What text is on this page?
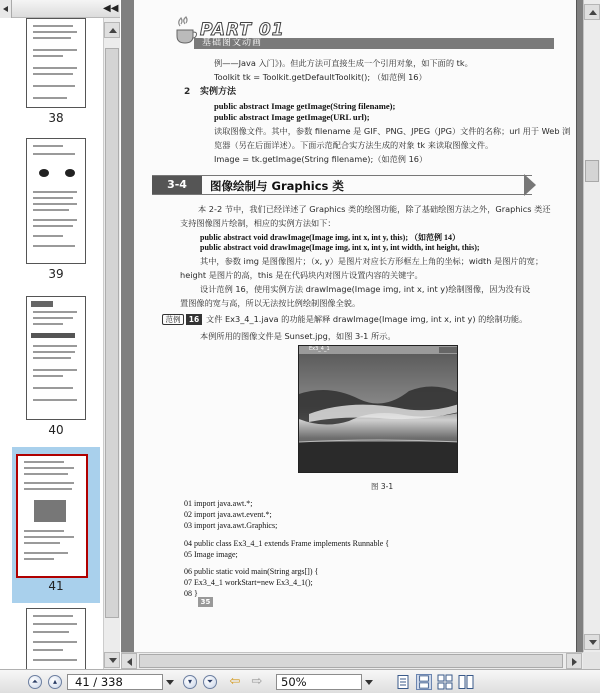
◀◀
38
39
40
41
PART 01
基础图文动画
例——Java 入门》)。但此方法可直接生成一个引用对象，如下面的 tk。
Toolkit tk = Toolkit.getDefaultToolkit(); （如范例 16）
2 实例方法
public abstract Image getImage(String filename);
public abstract Image getImage(URL url);
读取图像文件。其中，参数 filename 是 GIF、PNG、JPEG（JPG）文件的名称；url 用于 Web 浏
览器（另在后面详述）。下面示范配合实方法生成的对象 tk 来读取图像文件。
Image = tk.getImage(String filename);（如范例 16）
3-4	图像绘制与 Graphics 类
本 2-2 节中，我们已经详述了 Graphics 类的绘图功能，除了基础绘图方法之外，Graphics 类还
支持图像图片绘制，相应的实例方法如下：
public abstract void drawImage(Image img, int x, int y, this); （如范例 14）
public abstract void drawImage(Image img, int x, int y, int width, int height, this);
其中，参数 img 是图像图片；（x, y）是图片对应长方形框左上角的坐标；width 是图片的宽；
height 是图片的高，this 是在代码块内对图片设置内容的关键字。
设计范例 16，使用实例方法 drawImage(Image img, int x, int y)绘制图像，因为没有设
置图像的宽与高，所以无法按比例绘制图像全貌。
范例	16 文件 Ex3_4_1.java 的功能是解释 drawImage(Image img, int x, int y) 的绘制功能。
本例所用的图像文件是 Sunset.jpg，如图 3-1 所示。
Ex3_4_1
图 3-1
01 import java.awt.*;
02 import java.awt.event.*;
03 import java.awt.Graphics;
04 public class Ex3_4_1 extends Frame implements Runnable {
05 Image image;
06 public static void main(String args[]) {
07 Ex3_4_1 workStart=new Ex3_4_1();
08 }
35
⏶	▴	41 / 338	▾	⏷ ⇦ ⇨	50%
